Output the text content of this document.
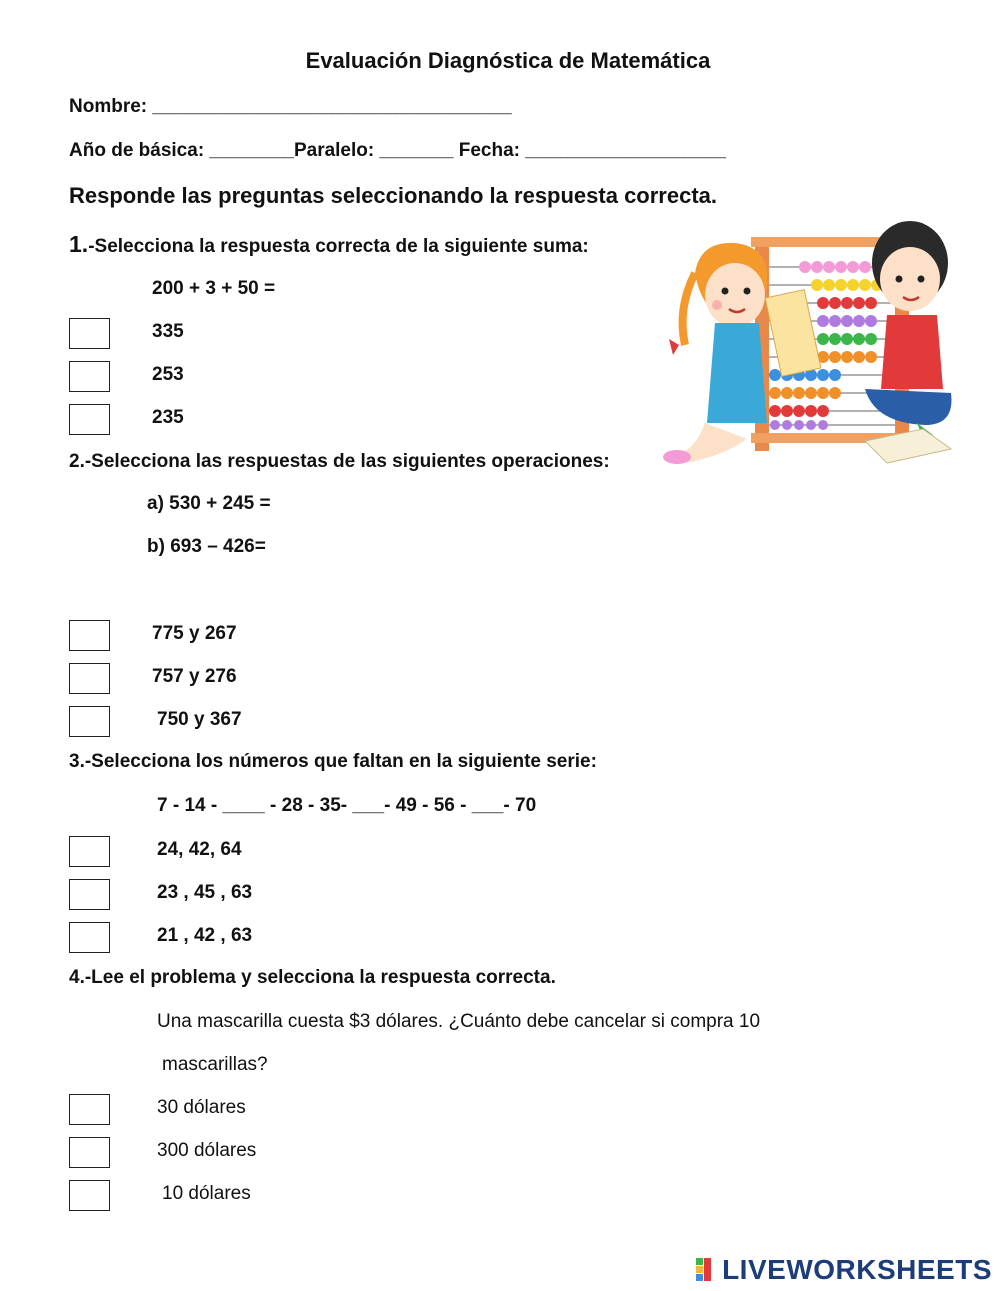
Evaluación Diagnóstica de Matemática
Nombre: __________________________________
Año de básica: ________Paralelo: _______ Fecha: ___________________
Responde las preguntas seleccionando la respuesta correcta.
1.-Selecciona la respuesta correcta de la siguiente suma:
200 + 3 + 50 =
335
253
235
2.-Selecciona las respuestas de las siguientes operaciones:
a) 530 + 245 =
b) 693 – 426=
775 y 267
757 y 276
750 y 367
3.-Selecciona los números que faltan en la siguiente serie:
7 - 14 - ____ - 28 - 35- ___- 49 - 56 - ___- 70
24, 42, 64
23 , 45 , 63
21 , 42 , 63
4.-Lee el problema y selecciona la respuesta correcta.
Una mascarilla cuesta $3 dólares. ¿Cuánto debe cancelar si compra 10
mascarillas?
30 dólares
300 dólares
10 dólares
LIVEWORKSHEETS
